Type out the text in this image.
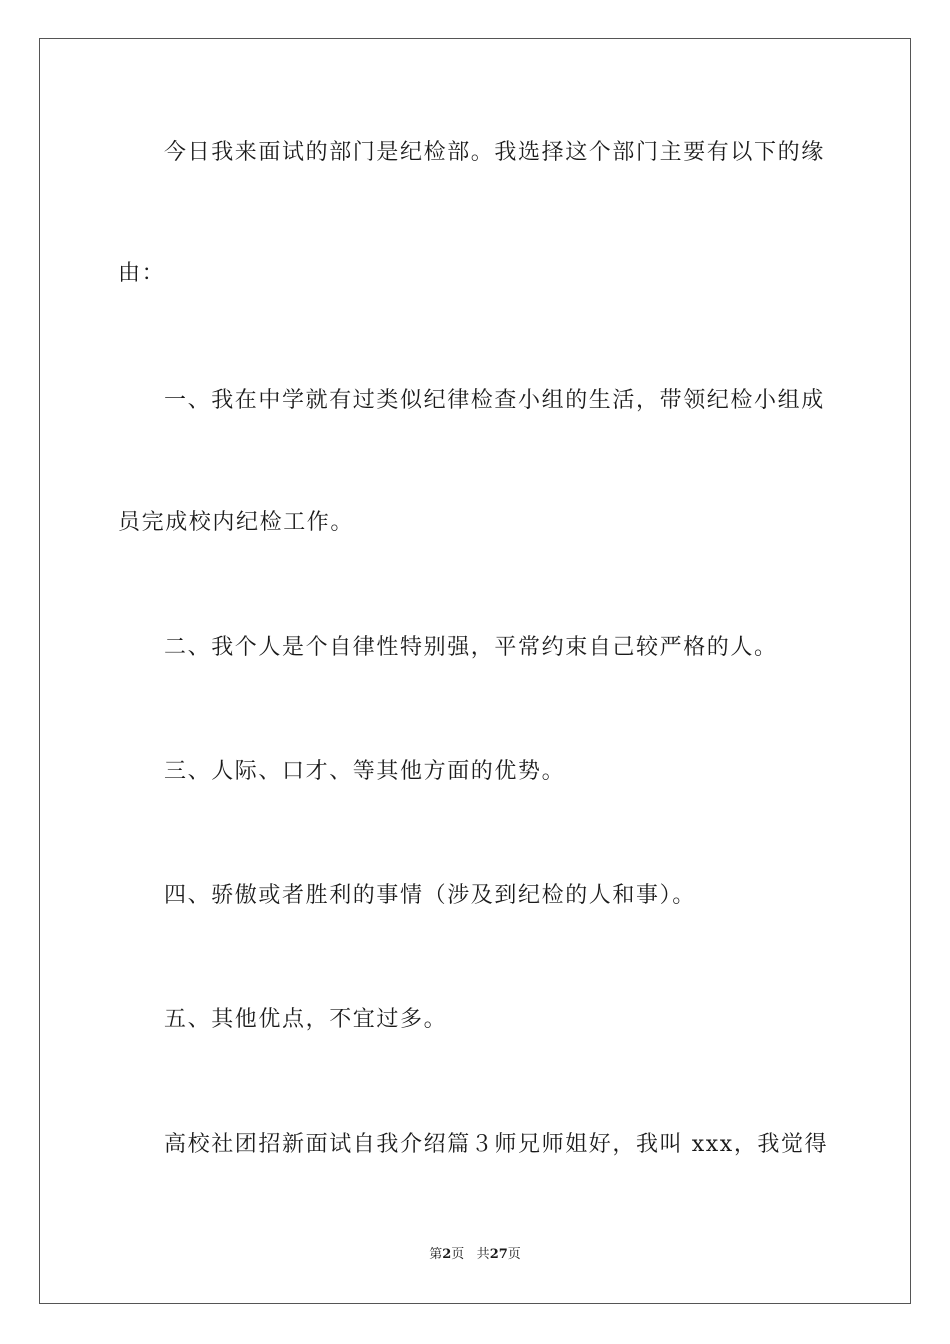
今日我来面试的部门是纪检部。我选择这个部门主要有以下的缘
由：
一、我在中学就有过类似纪律检查小组的生活，带领纪检小组成
员完成校内纪检工作。
二、我个人是个自律性特别强，平常约束自己较严格的人。
三、人际、口才、等其他方面的优势。
四、骄傲或者胜利的事情（涉及到纪检的人和事）。
五、其他优点，不宜过多。
高校社团招新面试自我介绍篇３师兄师姐好，我叫 xxx，我觉得
第2页 共27页
